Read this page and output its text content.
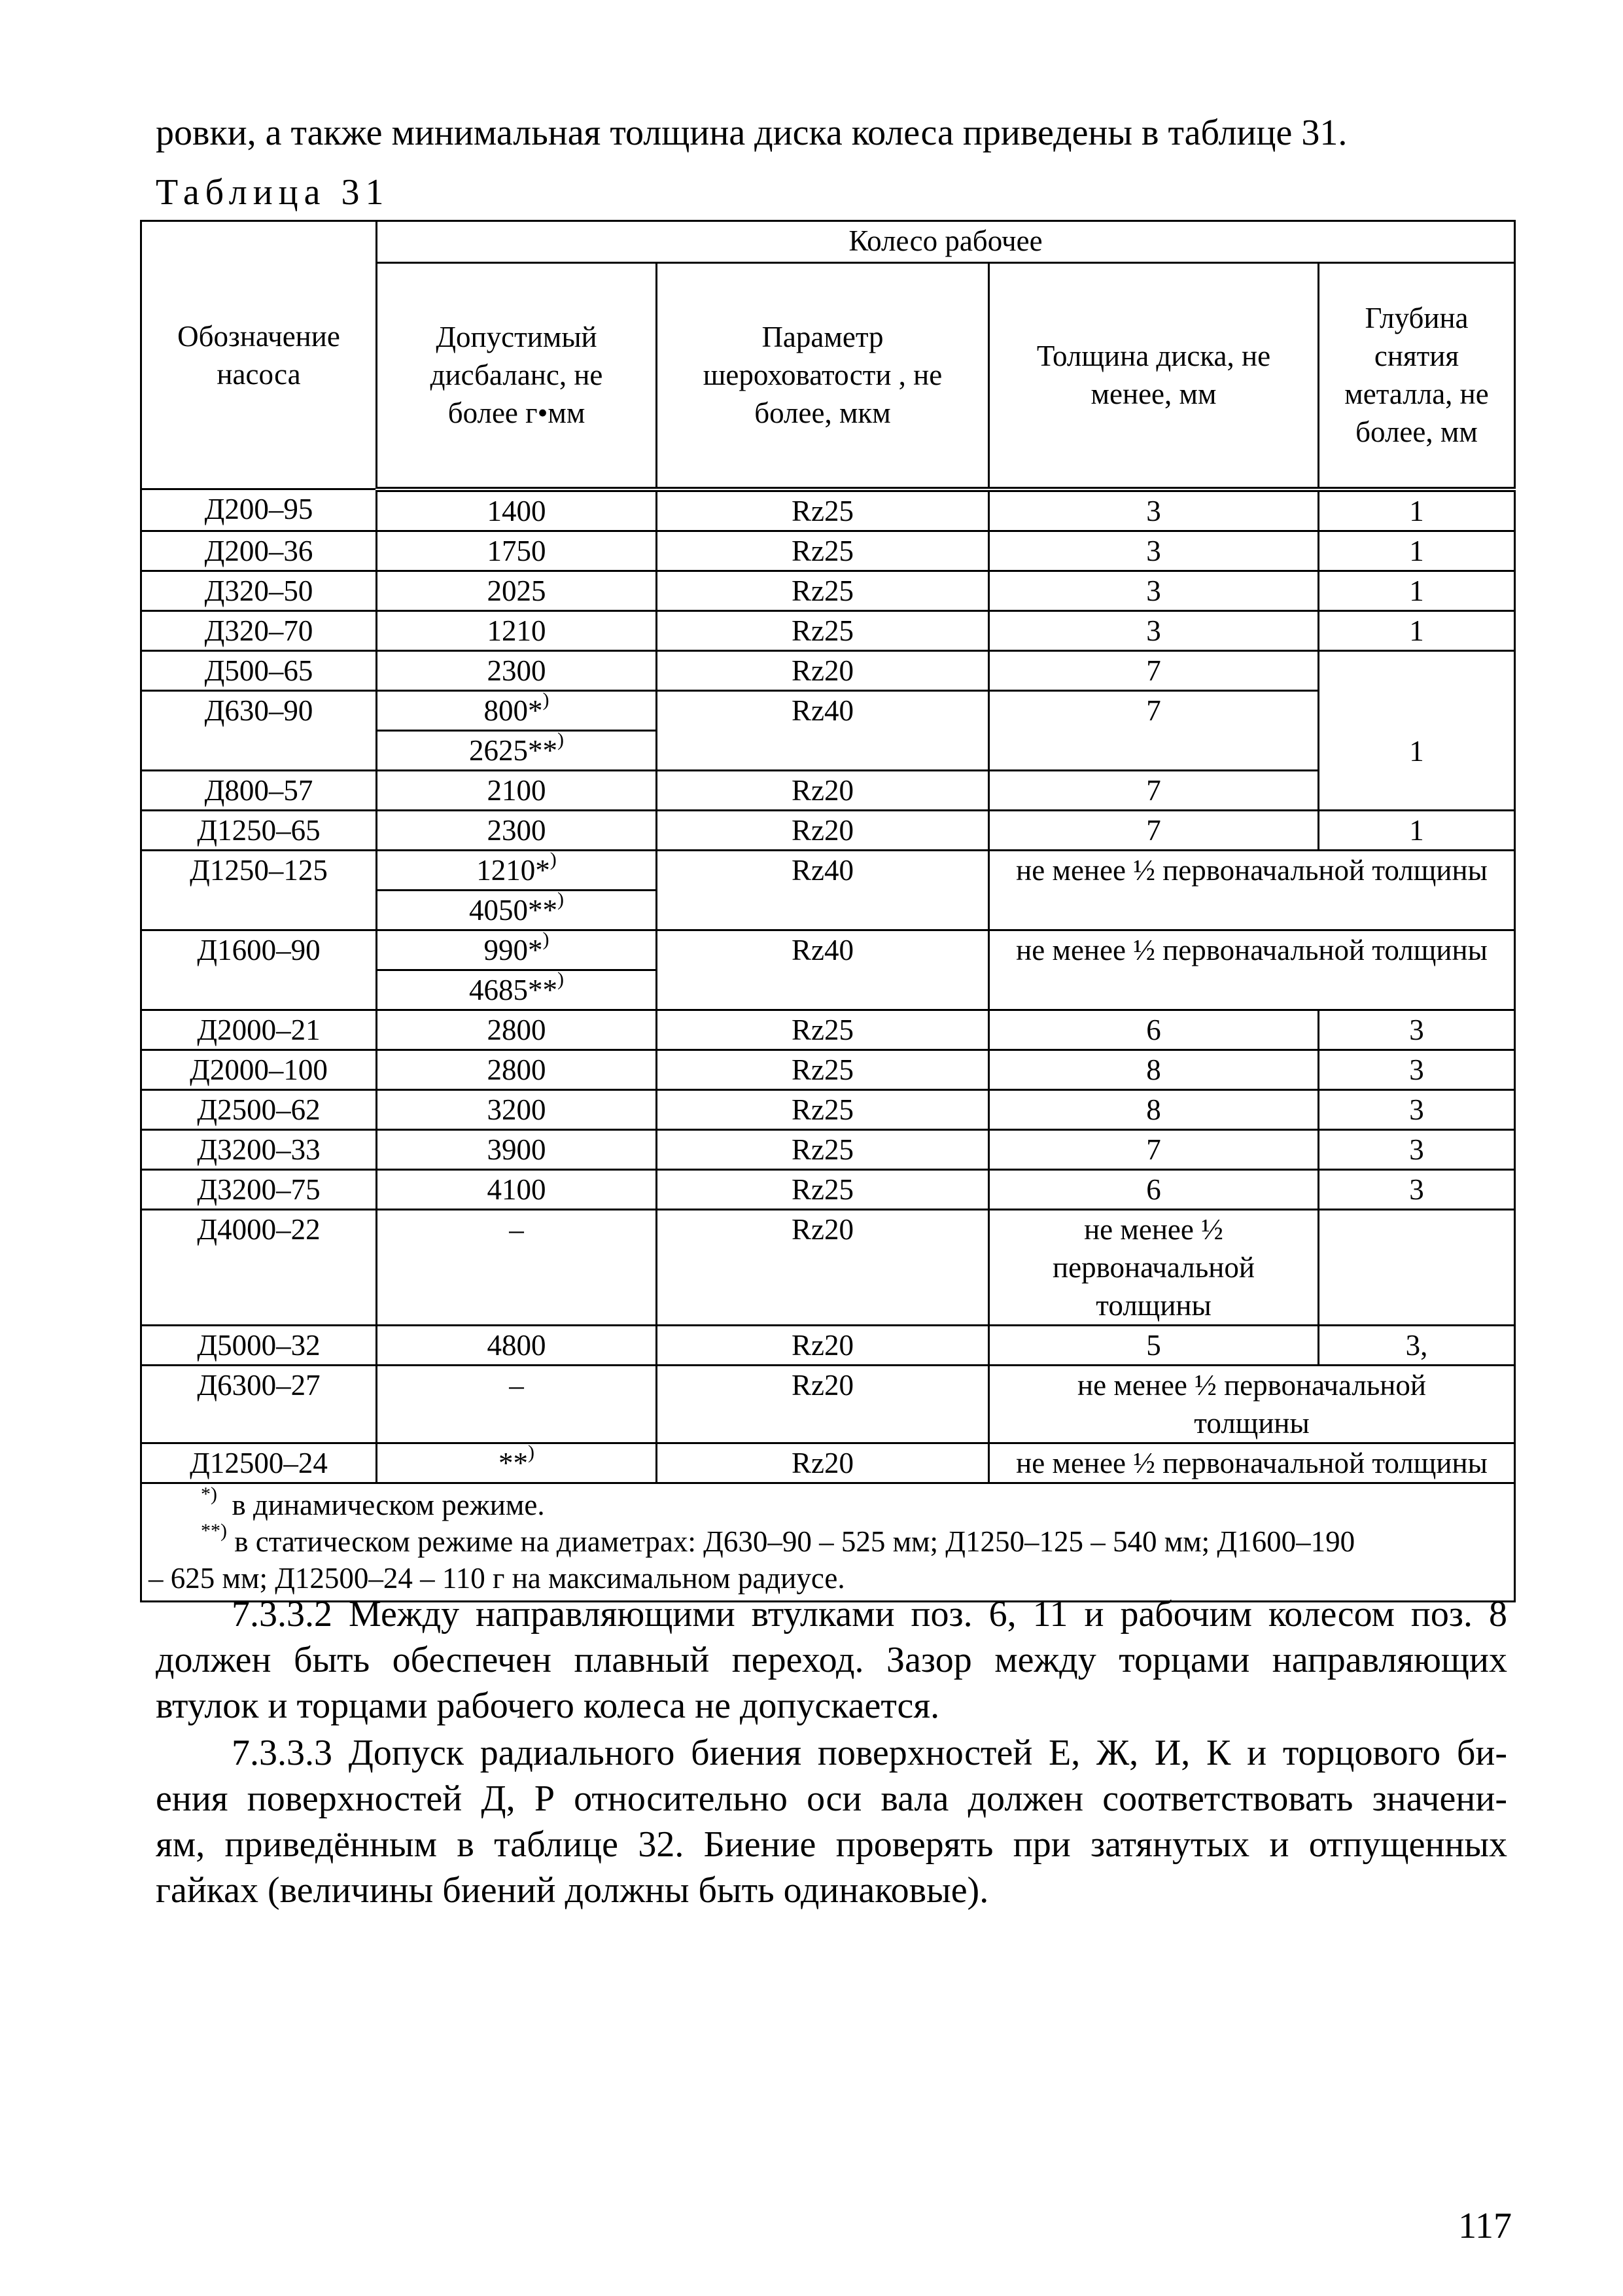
ровки, а также минимальная толщина диска колеса приведены в таблице 31.
Таблица 31
Обозначение насоса	Колесо рабочее			
	Допустимый дисбаланс, не более г•мм	Параметр шероховатости , не более, мкм	Толщина диска, не менее, мм	Глубина снятия металла, не более, мм
Д200–95	1400	Rz25	3	1
Д200–36	1750	Rz25	3	1
Д320–50	2025	Rz25	3	1
Д320–70	1210	Rz25	3	1
Д500–65	2300	Rz20	7	1
Д630–90	800*)	Rz40	7	
	2625**)
Д800–57	2100	Rz20	7	
Д1250–65	2300	Rz20	7	1
Д1250–125	1210*)	Rz40	не менее ½ первоначальной толщины	
	4050**)
Д1600–90	990*)	Rz40	не менее ½ первоначальной толщины	
	4685**)
Д2000–21	2800	Rz25	6	3
Д2000–100	2800	Rz25	8	3
Д2500–62	3200	Rz25	8	3
Д3200–33	3900	Rz25	7	3
Д3200–75	4100	Rz25	6	3
Д4000–22	–	Rz20	не менее ½ первоначальной толщины	
Д5000–32	4800	Rz20	5	3,
Д6300–27	–	Rz20	не менее ½ первоначальной толщины	
Д12500–24	**)	Rz20	не менее ½ первоначальной толщины	

*) в динамическом режиме.
**) в статическом режиме на диаметрах: Д630–90 – 525 мм; Д1250–125 – 540 мм; Д1600–190
– 625 мм; Д12500–24 – 110 г на максимальном радиусе.				
7.3.3.2 Между направляющими втулками поз. 6, 11 и рабочим колесом поз. 8
должен быть обеспечен плавный переход. Зазор между торцами направляющих
втулок и торцами рабочего колеса не допускается.
7.3.3.3 Допуск радиального биения поверхностей Е, Ж, И, К и торцового би-
ения поверхностей Д, Р относительно оси вала должен соответствовать значени-
ям, приведённым в таблице 32. Биение проверять при затянутых и отпущенных
гайках (величины биений должны быть одинаковые).
117
